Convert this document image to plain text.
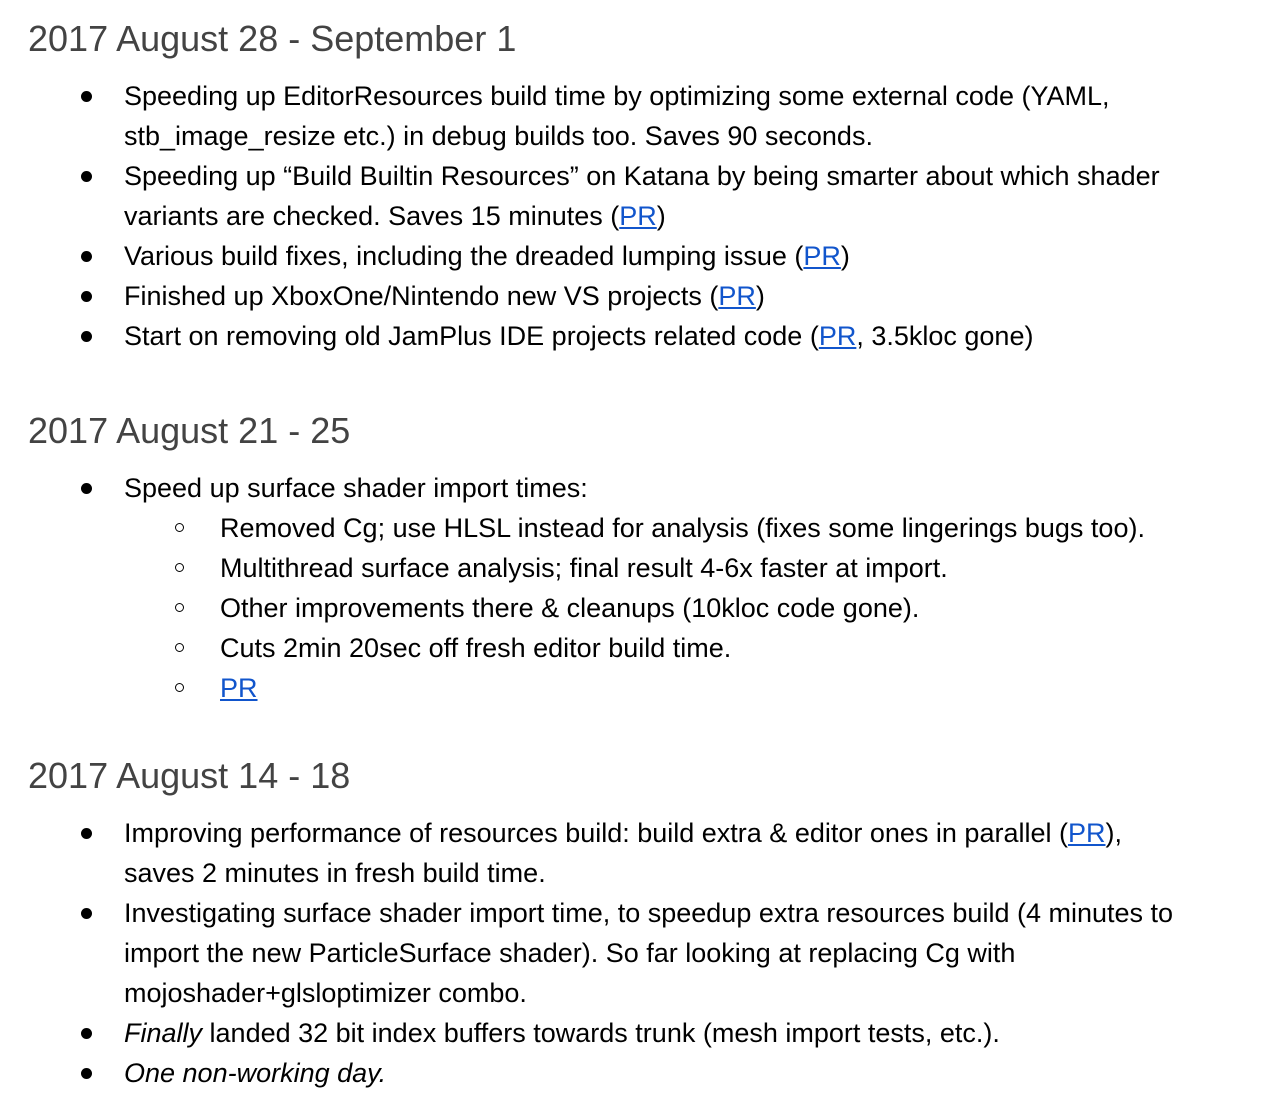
2017 August 28 - September 1
Speeding up EditorResources build time by optimizing some external code (YAML,
stb_image_resize etc.) in debug builds too. Saves 90 seconds.
Speeding up “Build Builtin Resources” on Katana by being smarter about which shader
variants are checked. Saves 15 minutes (PR)
Various build fixes, including the dreaded lumping issue (PR)
Finished up XboxOne/Nintendo new VS projects (PR)
Start on removing old JamPlus IDE projects related code (PR, 3.5kloc gone)
2017 August 21 - 25
Speed up surface shader import times:
Removed Cg; use HLSL instead for analysis (fixes some lingerings bugs too).
Multithread surface analysis; final result 4-6x faster at import.
Other improvements there & cleanups (10kloc code gone).
Cuts 2min 20sec off fresh editor build time.
PR
2017 August 14 - 18
Improving performance of resources build: build extra & editor ones in parallel (PR),
saves 2 minutes in fresh build time.
Investigating surface shader import time, to speedup extra resources build (4 minutes to
import the new ParticleSurface shader). So far looking at replacing Cg with
mojoshader+glsloptimizer combo.
Finally landed 32 bit index buffers towards trunk (mesh import tests, etc.).
One non-working day.
